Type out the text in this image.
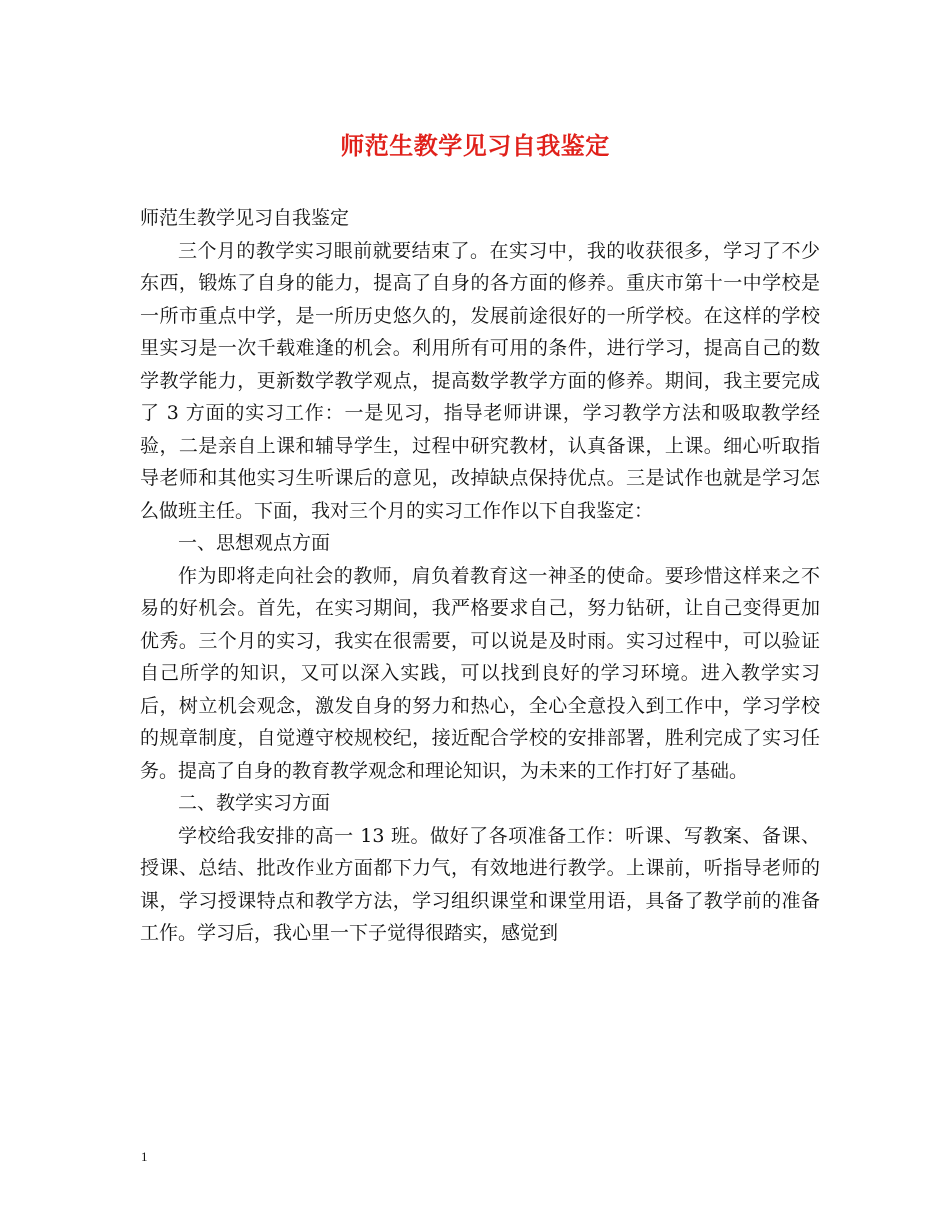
师范生教学见习自我鉴定

师范生教学见习自我鉴定

三个月的教学实习眼前就要结束了。在实习中，我的收获很多，学习了不少东西，锻炼了自身的能力，提高了自身的各方面的修养。重庆市第十一中学校是一所市重点中学，是一所历史悠久的，发展前途很好的一所学校。在这样的学校里实习是一次千载难逢的机会。利用所有可用的条件，进行学习，提高自己的数学教学能力，更新数学教学观点，提高数学教学方面的修养。期间，我主要完成了 3 方面的实习工作：一是见习，指导老师讲课，学习教学方法和吸取教学经验，二是亲自上课和辅导学生，过程中研究教材，认真备课，上课。细心听取指导老师和其他实习生听课后的意见，改掉缺点保持优点。三是试作也就是学习怎么做班主任。下面，我对三个月的实习工作作以下自我鉴定：

一、思想观点方面

作为即将走向社会的教师，肩负着教育这一神圣的使命。要珍惜这样来之不易的好机会。首先，在实习期间，我严格要求自己，努力钻研，让自己变得更加优秀。三个月的实习，我实在很需要，可以说是及时雨。实习过程中，可以验证自己所学的知识，又可以深入实践，可以找到良好的学习环境。进入教学实习后，树立机会观念，激发自身的努力和热心，全心全意投入到工作中，学习学校的规章制度，自觉遵守校规校纪，接近配合学校的安排部署，胜利完成了实习任务。提高了自身的教育教学观念和理论知识，为未来的工作打好了基础。

二、教学实习方面

学校给我安排的高一 13 班。做好了各项准备工作：听课、写教案、备课、授课、总结、批改作业方面都下力气，有效地进行教学。上课前，听指导老师的课，学习授课特点和教学方法，学习组织课堂和课堂用语，具备了教学前的准备工作。学习后，我心里一下子觉得很踏实，感觉到

1
